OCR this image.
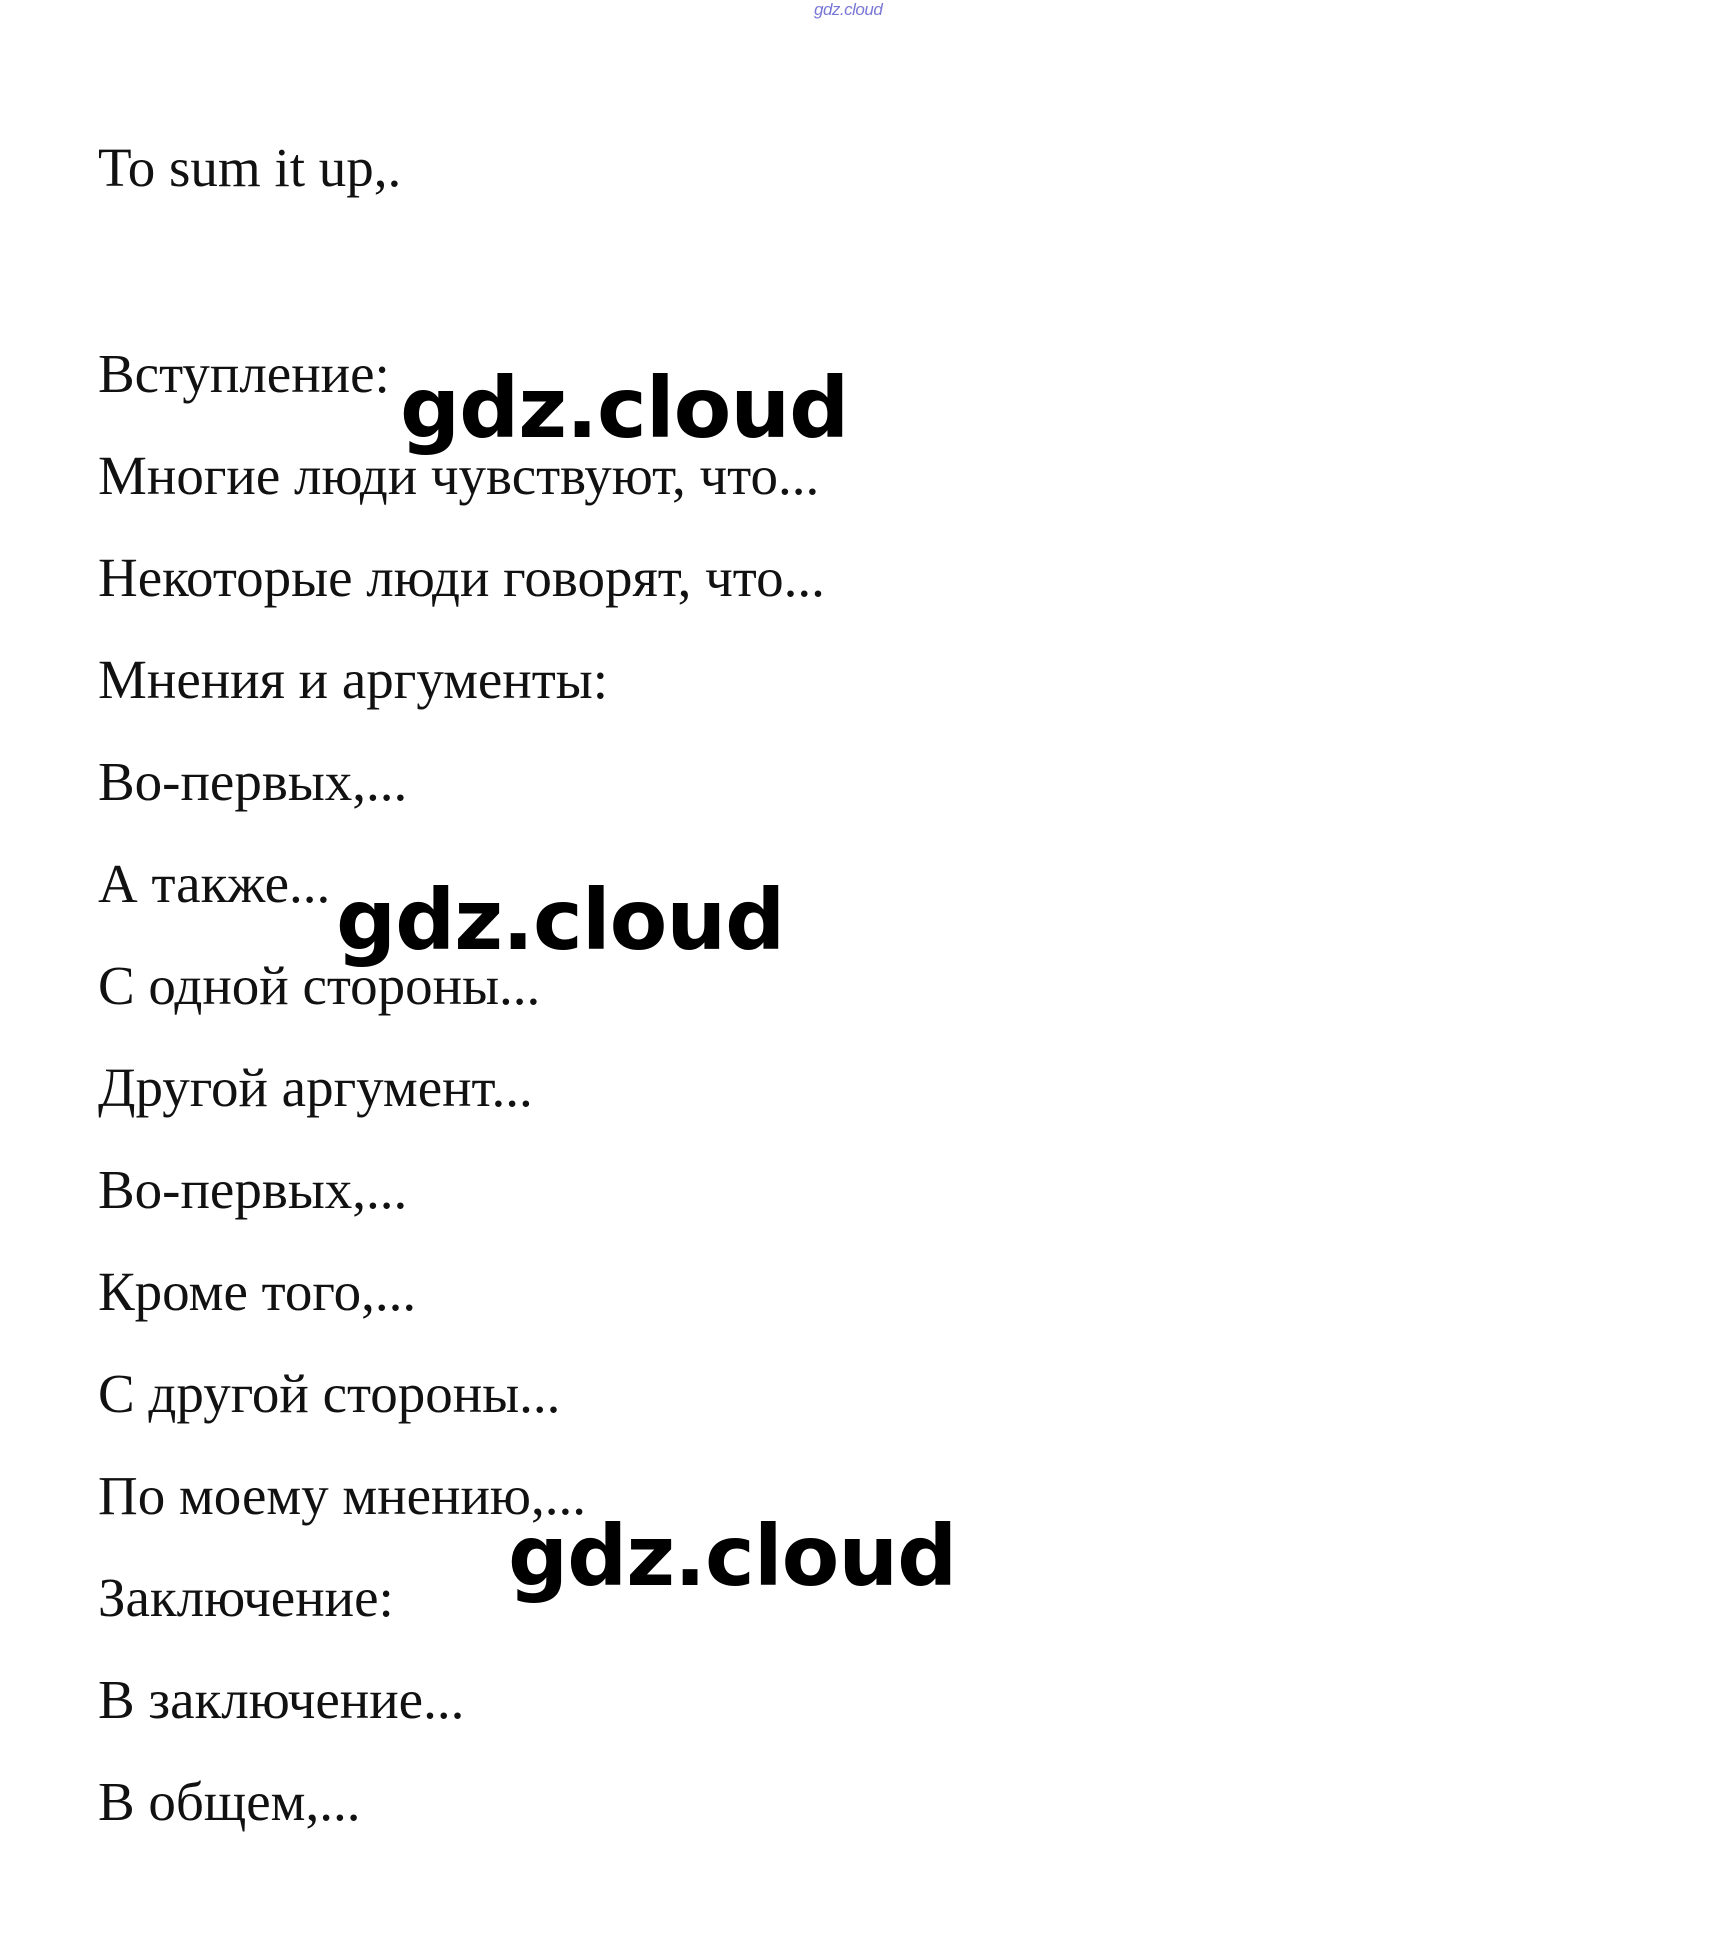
gdz.cloud
To sum it up,.
Вступление:
Многие люди чувствуют, что...
Некоторые люди говорят, что...
Мнения и аргументы:
Во-первых,...
А также...
С одной стороны...
Другой аргумент...
Во-первых,...
Кроме того,...
С другой стороны...
По моему мнению,...
Заключение:
В заключение...
В общем,...
gdz.cloud
gdz.cloud
gdz.cloud
